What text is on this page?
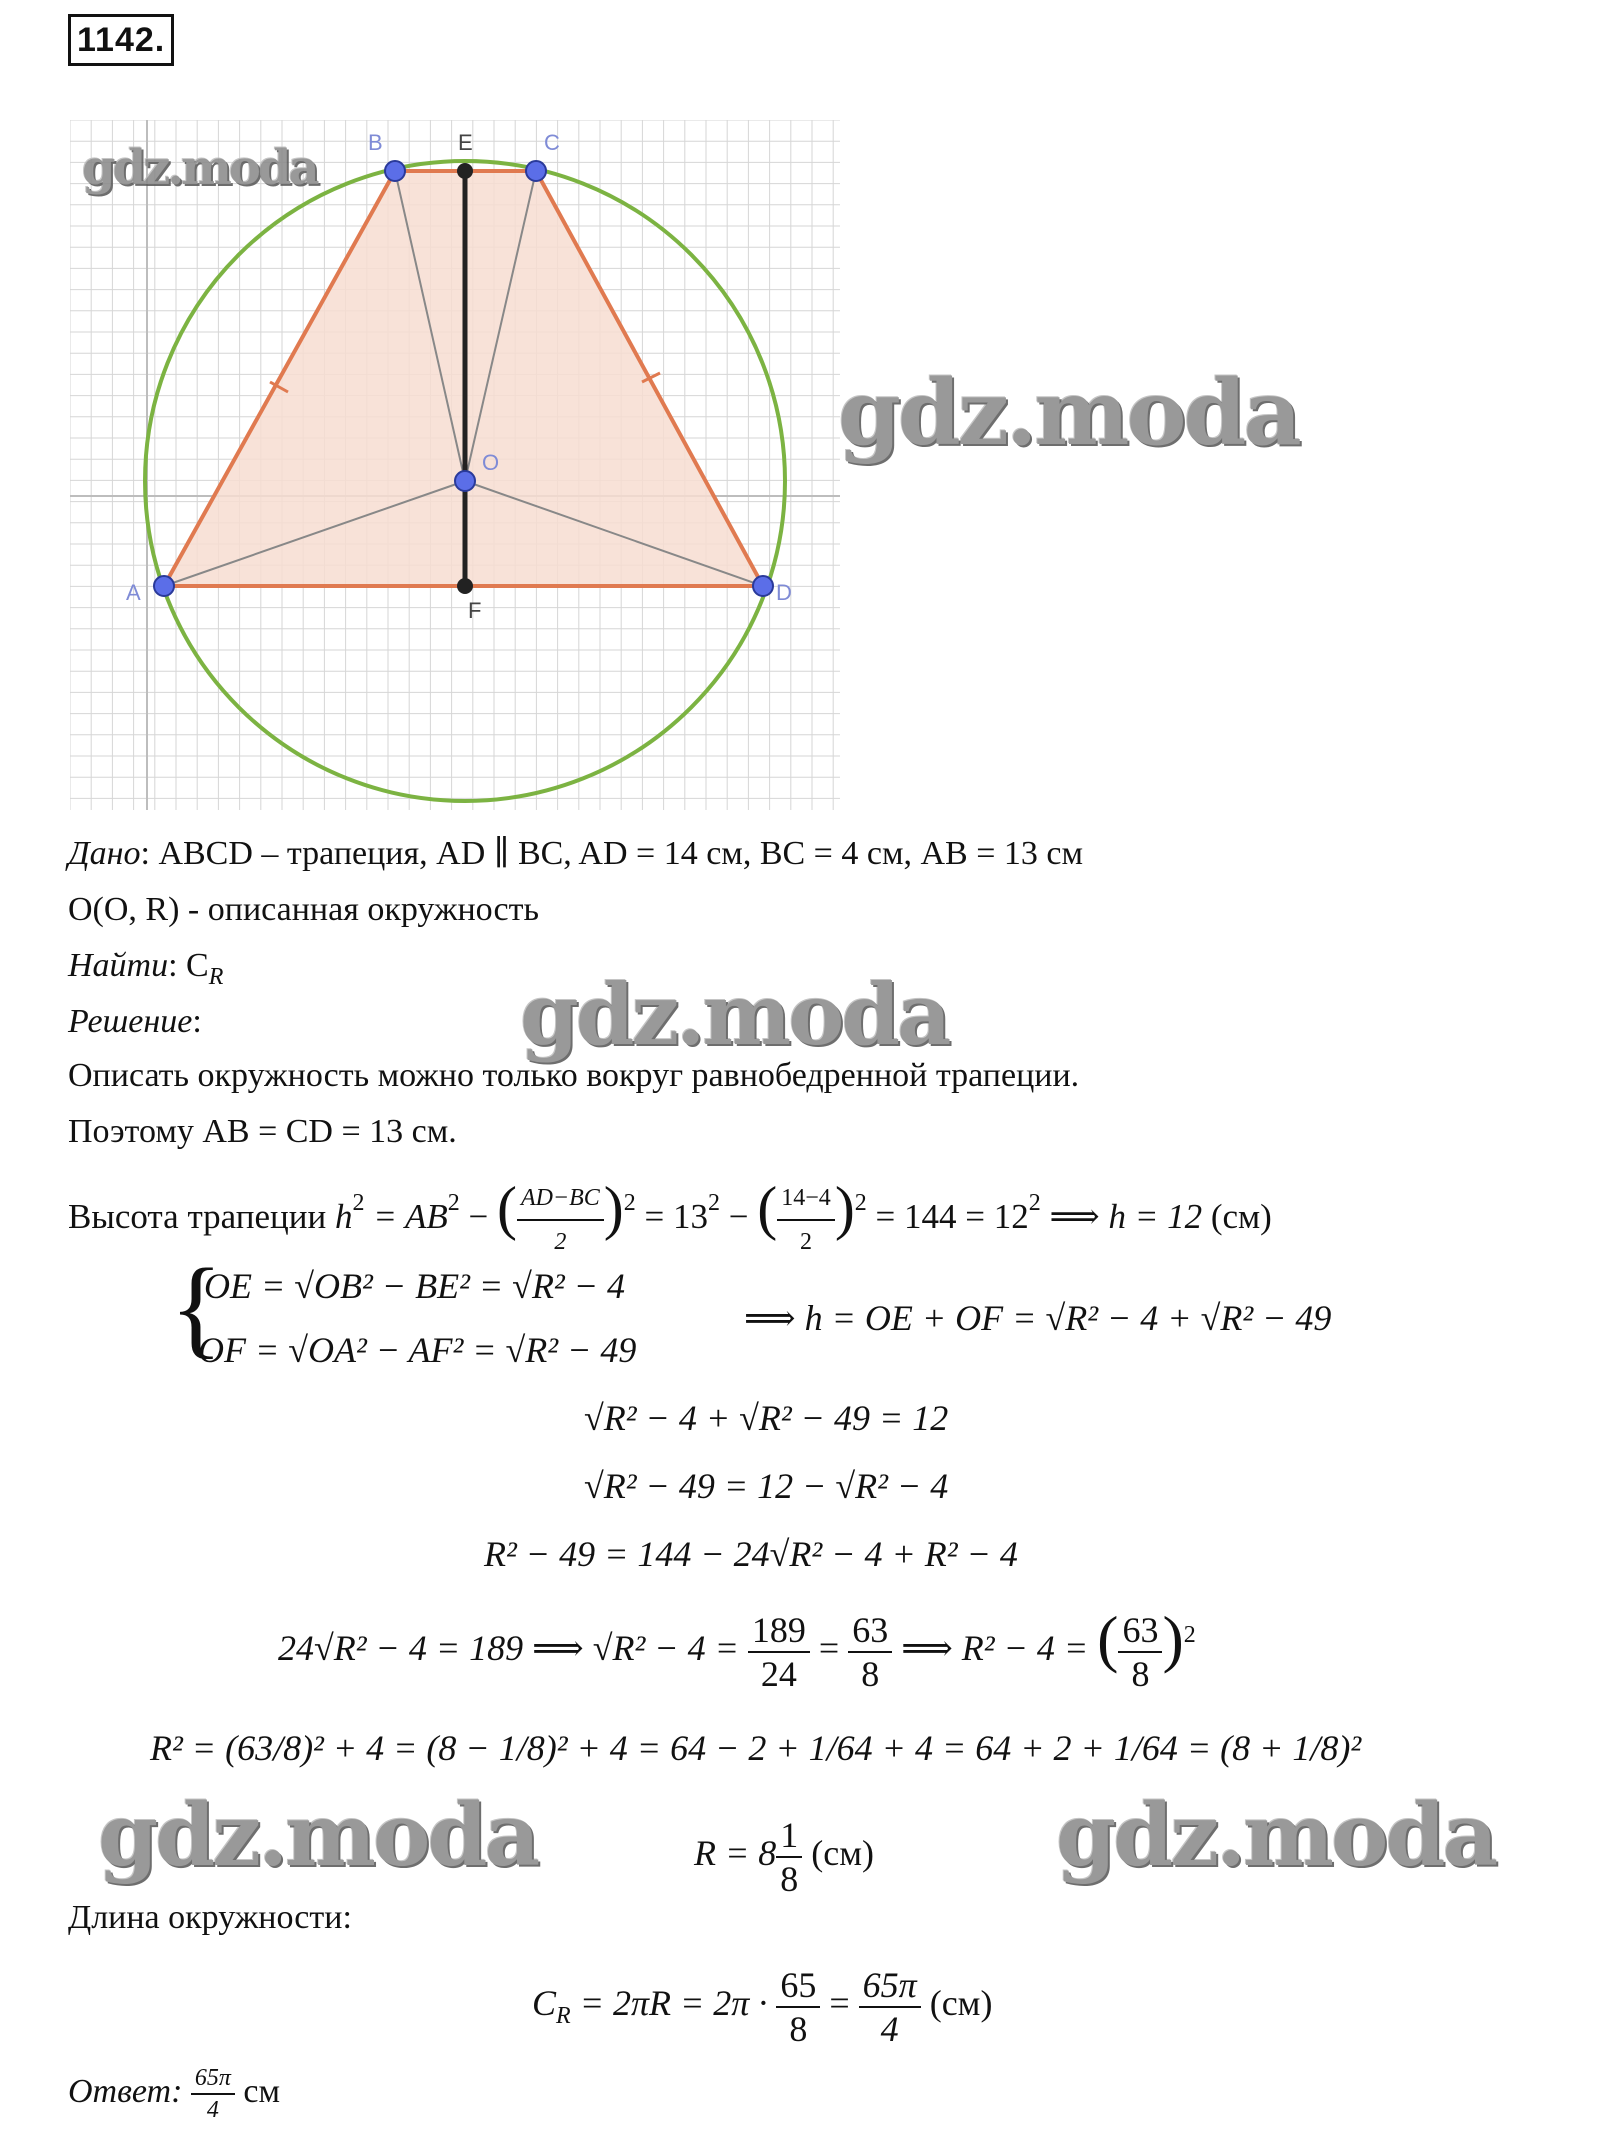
1142.
A
B	C
D
O
E
F
gdz.moda
gdz.moda
gdz.moda
gdz.moda	gdz.moda
Дано: ABCD – трапеция, AD ∥ BC, AD = 14 см, BC = 4 см, AB = 13 см
O(O, R) - описанная окружность
Найти: $C_R$
Решение:
Описать окружность можно только вокруг равнобедренной трапеции.
Поэтому AB = CD = 13 см.
Высота трапеции $h^2 = AB^2$ − ( $\frac{AD-BC}{2} )^2 = 13^2$ − ( $\frac{14-4}{2} )^2 = 144 = 12^2$ ⟹ h = 12 (см)
{
OE = √OB² − BE² = √R² − 4
OF = √OA² − AF² = √R² − 49
⟹ h = OE + OF = √R² − 4 + √R² − 49
√R² − 4 + √R² − 49 = 12
√R² − 49 = 12 − √R² − 4
R² − 49 = 144 − 24√R² − 4 + R² − 4
24√R² − 4 = 189 ⟹ $√R^2 - 4 = \frac{189}{24} = \frac{63}{8}$ ⟹ R² − 4 = ( $\frac{63}{8} )^2$
R² = (63/8)² + 4 = (8 − 1/8)² + 4 = 64 − 2 + 1/64 + 4 = 64 + 2 + 1/64 = (8 + 1/8)²
$R = 8 \frac{1}{8} (см)$
Длина окружности:
$C_R = 2\pi R = 2\pi \cdot \frac{65}{8} = \frac{65\pi}{4} (см)$
Ответ: $\frac{65\pi}{4}$ см
